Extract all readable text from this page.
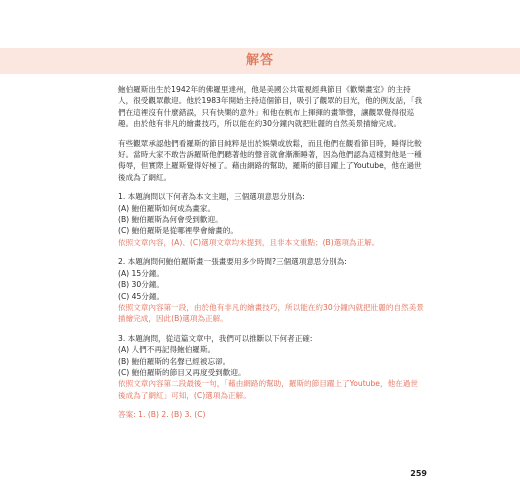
解答

鮑伯羅斯出生於1942年的佛羅里達州，他是美國公共電視經典節目《歡樂畫室》的主持人，很受觀眾歡迎。他於1983年開始主持這個節目，吸引了觀眾的目光，他的例友話，「我們在這裡沒有什麼錯誤，只有快樂的意外」和他在帆布上揮揮的畫筆聲，讓觀眾覺得很巡趣。由於他有非凡的繪畫技巧，所以能在約30分鐘內就把壯麗的自然美景描繪完成。

有些觀眾承認他們看羅斯的節目純粹是出於娛樂或放鬆，而且他們在觀看節目時，睡得比較好。當時大家不敢告訴羅斯他們聽著他的聲音就會漸漸睡著，因為他們認為這樣對他是一種侮辱，但實際上羅斯覺得好極了。藉由網路的幫助，羅斯的節目躍上了Youtube，他在過世後成為了網紅。

1. 本題詢問以下何者為本文主題，三個選項意思分別為:
(A) 鮑伯羅斯如何成為畫家。
(B) 鮑伯羅斯為何會受到歡迎。
(C) 鮑伯羅斯是從哪裡學會繪畫的。
依照文章內容，(A)、(C)選項文章均未提到，且非本文重點；(B)選項為正解。
2. 本題詢問何鮑伯羅斯畫一張畫要用多少時間?三個選項意思分別為:
(A) 15分鐘。
(B) 30分鐘。
(C) 45分鐘。
依照文章內容第一段，由於他有非凡的繪畫技巧，所以能在約30分鐘內就把壯麗的自然美景描繪完成，因此(B)選項為正解。
3. 本題詢問，從這篇文章中，我們可以推斷以下何者正確:
(A) 人們不再記得鮑伯羅斯。
(B) 鮑伯羅斯的名聲已經被忘卻。
(C) 鮑伯羅斯的節目又再度受到歡迎。
依照文章內容第二段最後一句，「藉由網路的幫助，羅斯的節目躍上了Youtube，他在過世後成為了網紅」可知，(C)選項為正解。
答案: 1. (B) 2. (B) 3. (C)
259
